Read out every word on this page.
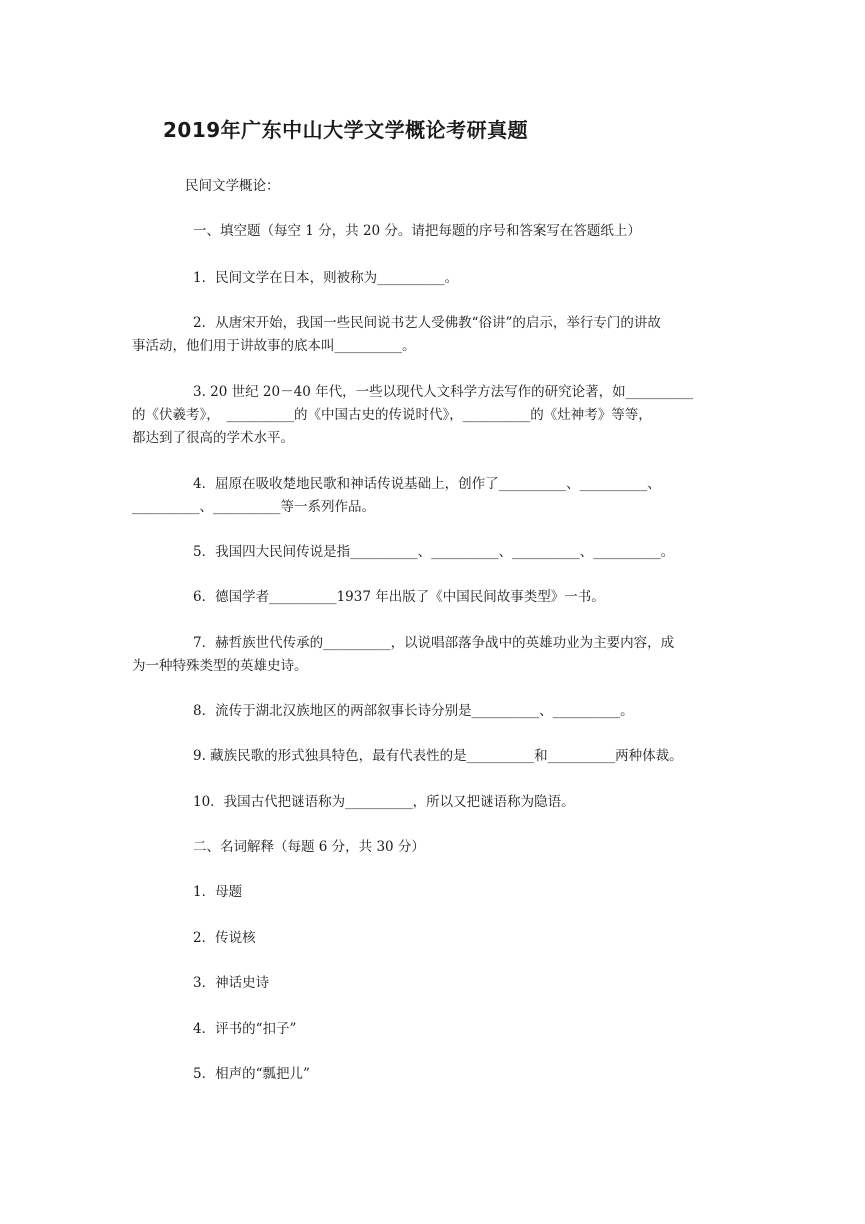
2019年广东中山大学文学概论考研真题
民间文学概论：
一、填空题（每空 1 分，共 20 分。请把每题的序号和答案写在答题纸上）
1．民间文学在日本，则被称为__________。
2．从唐宋开始，我国一些民间说书艺人受佛教“俗讲”的启示，举行专门的讲故
事活动，他们用于讲故事的底本叫__________。
3. 20 世纪 20－40 年代，一些以现代人文科学方法写作的研究论著，如__________
的《伏羲考》，　__________的《中国古史的传说时代》，__________的《灶神考》等等，
都达到了很高的学术水平。
4．屈原在吸收楚地民歌和神话传说基础上，创作了__________、__________、
__________、__________等一系列作品。
5．我国四大民间传说是指__________、__________、__________、__________。
6．德国学者__________1937 年出版了《中国民间故事类型》一书。
7．赫哲族世代传承的__________，以说唱部落争战中的英雄功业为主要内容，成
为一种特殊类型的英雄史诗。
8．流传于湖北汉族地区的两部叙事长诗分别是__________、__________。
9. 藏族民歌的形式独具特色，最有代表性的是__________和__________两种体裁。
10．我国古代把谜语称为__________，所以又把谜语称为隐语。
二、名词解释（每题 6 分，共 30 分）
1．母题
2．传说核
3．神话史诗
4．评书的“扣子”
5．相声的“瓢把儿”
